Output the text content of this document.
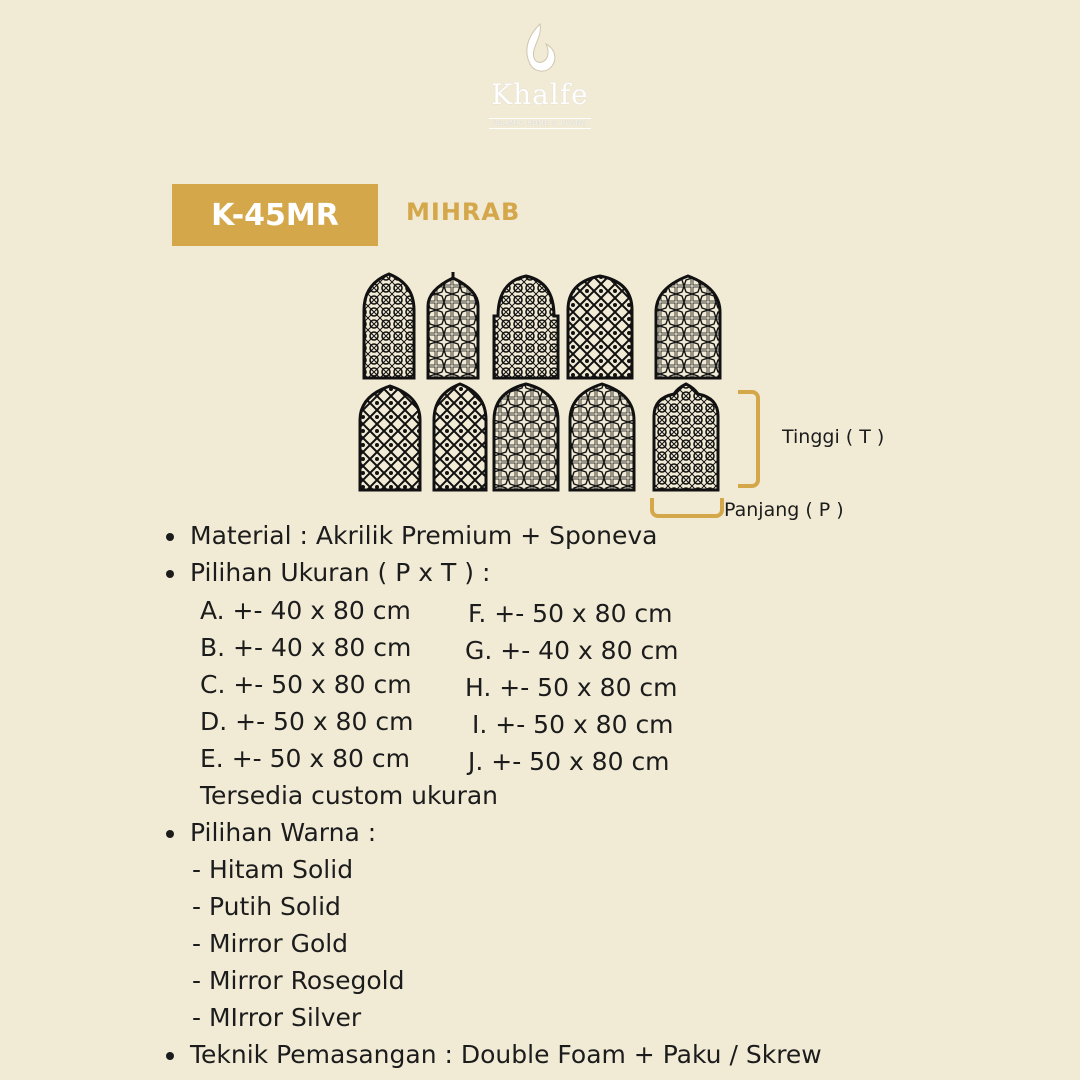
Khalfe
ISLAMIC HOME & LIVING
K-45MR	MIHRAB
Tinggi ( T )
Panjang ( P )
Material : Akrilik Premium + Sponeva
Pilihan Ukuran ( P x T ) :
A. +- 40 x 80 cm
B. +- 40 x 80 cm
C. +- 50 x 80 cm
D. +- 50 x 80 cm
E. +- 50 x 80 cm
F. +- 50 x 80 cm
G. +- 40 x 80 cm
H. +- 50 x 80 cm
I. +- 50 x 80 cm
J. +- 50 x 80 cm
Tersedia custom ukuran
Pilihan Warna :
- Hitam Solid
- Putih Solid
- Mirror Gold
- Mirror Rosegold
- MIrror Silver
Teknik Pemasangan : Double Foam + Paku / Skrew
